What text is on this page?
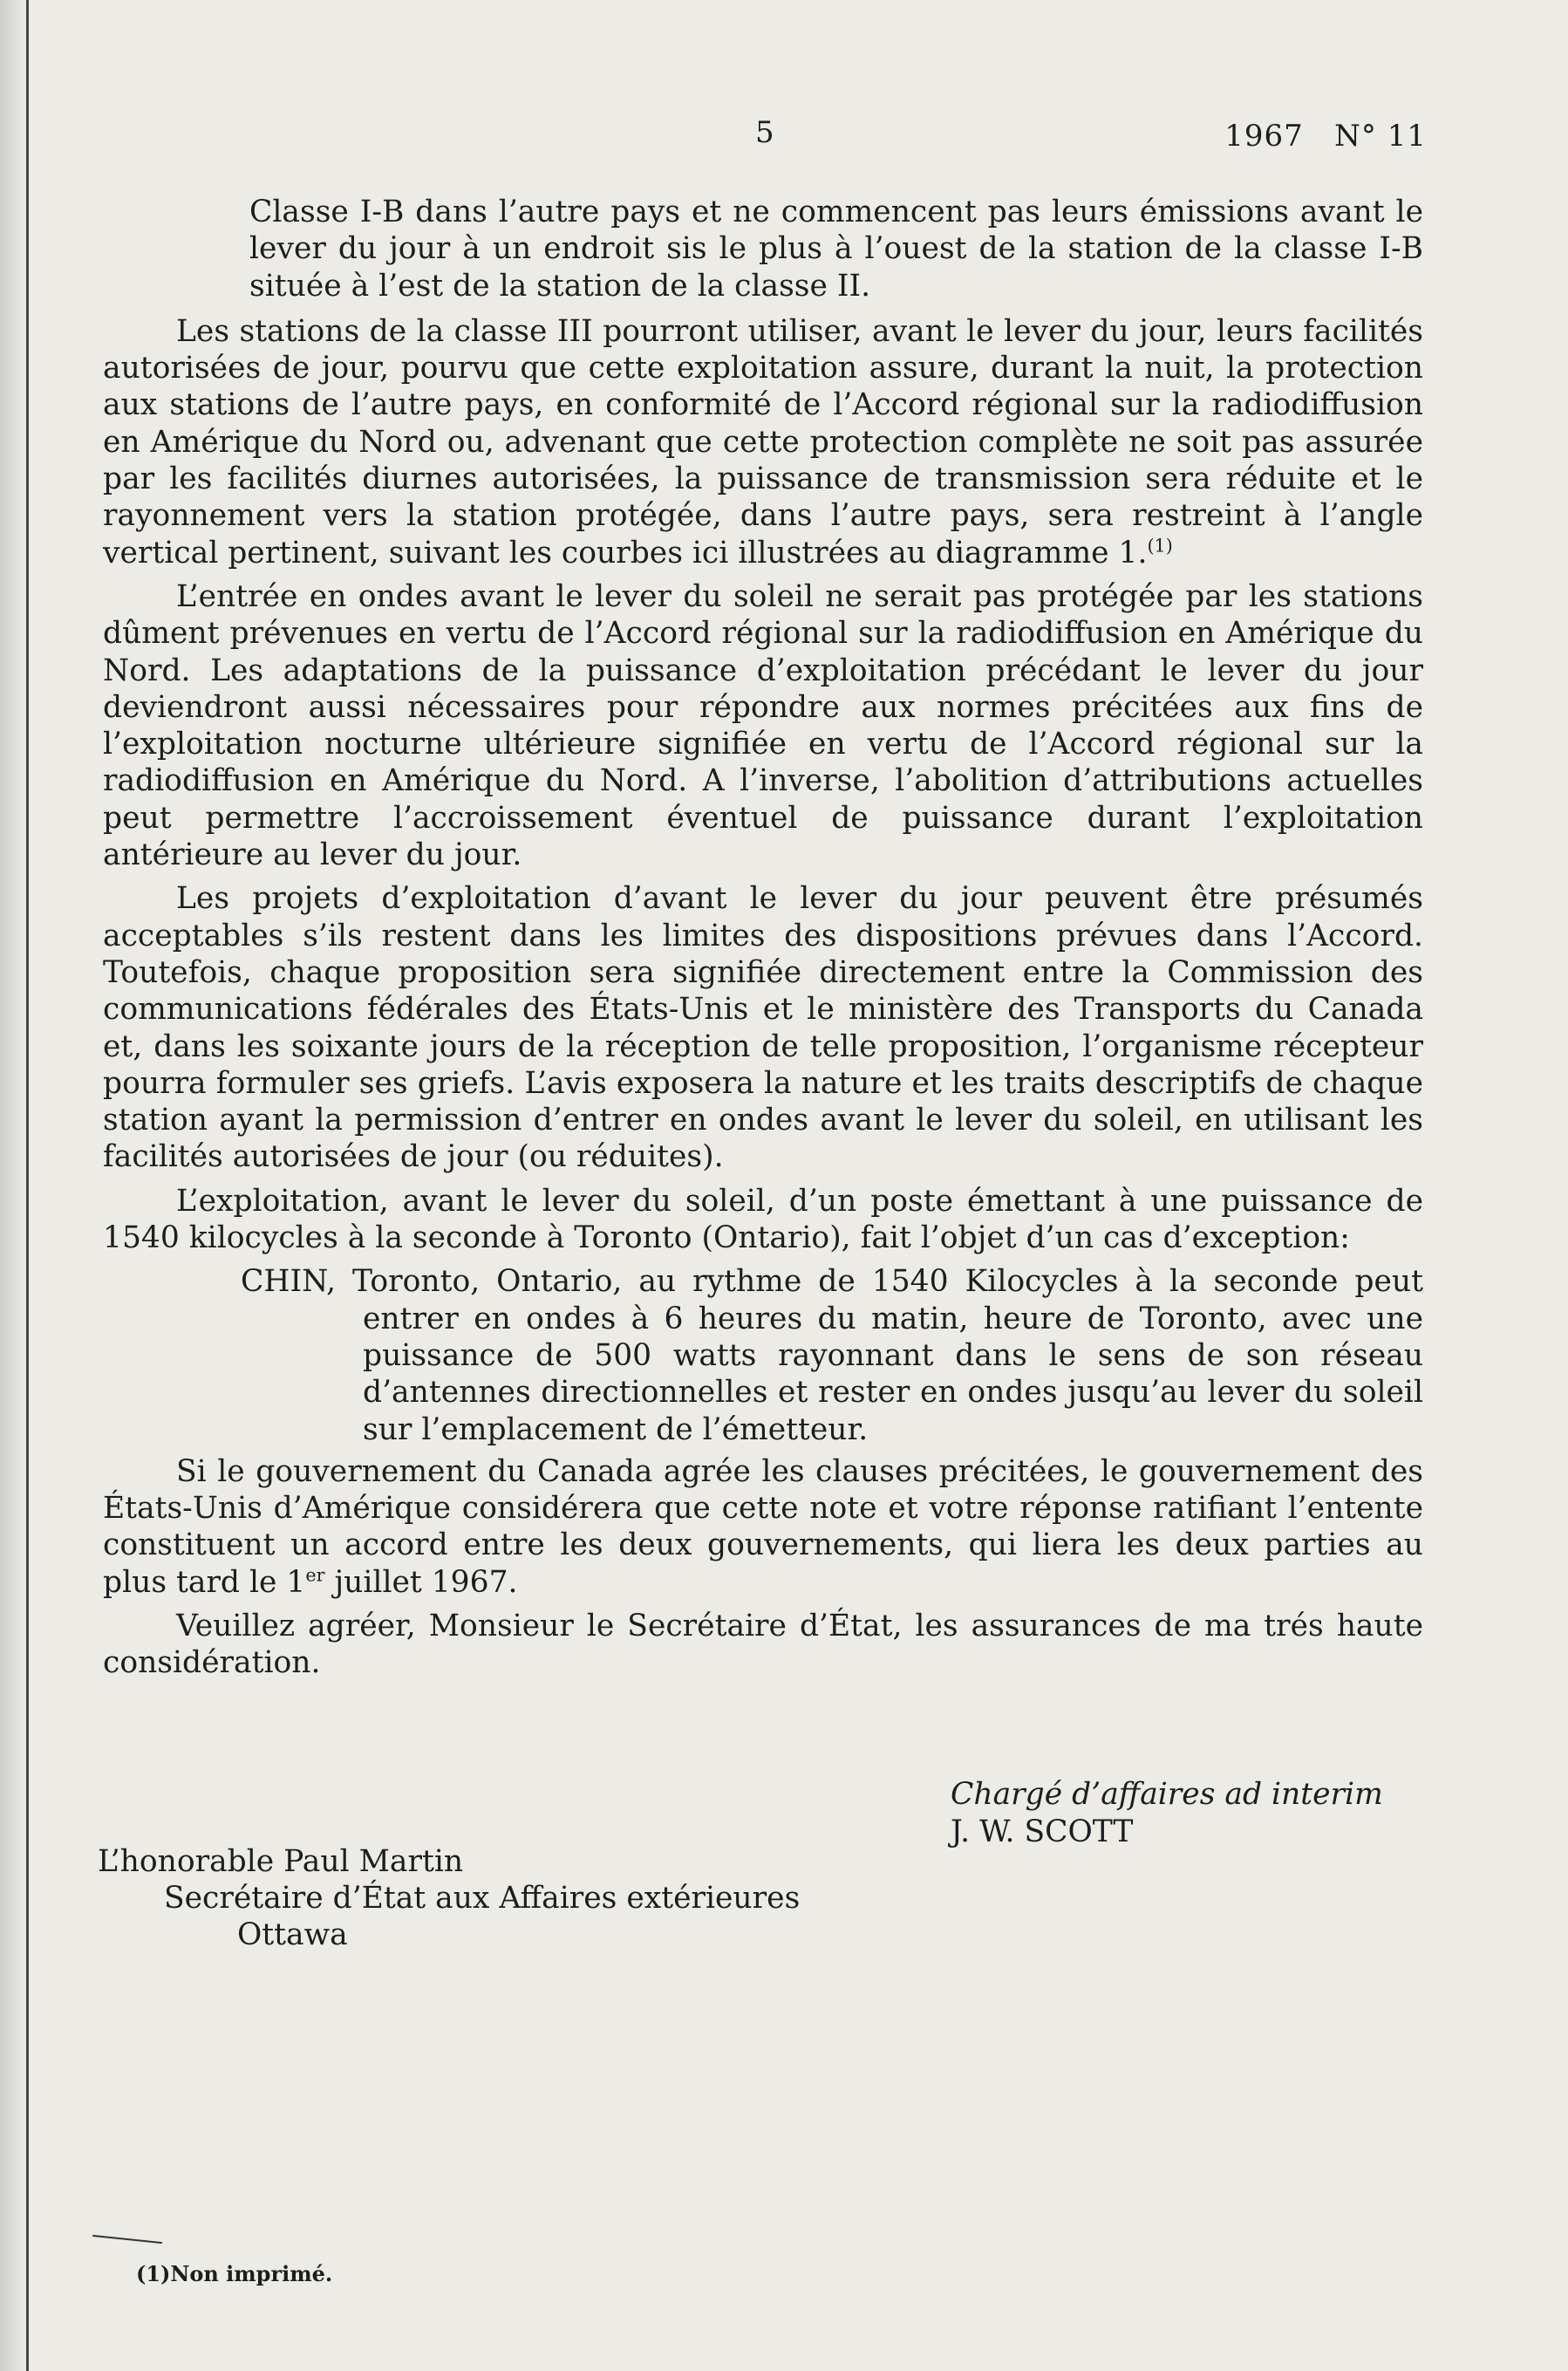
5	1967   N° 11

Classe I-B dans l’autre pays et ne commencent pas leurs émissions avant le lever du jour à un endroit sis le plus à l’ouest de la station de la classe I-B située à l’est de la station de la classe II.

Les stations de la classe III pourront utiliser, avant le lever du jour, leurs facilités autorisées de jour, pourvu que cette exploitation assure, durant la nuit, la protection aux stations de l’autre pays, en conformité de l’Accord régional sur la radiodiffusion en Amérique du Nord ou, advenant que cette protection complète ne soit pas assurée par les facilités diurnes autorisées, la puissance de transmission sera réduite et le rayonnement vers la station protégée, dans l’autre pays, sera restreint à l’angle vertical pertinent, suivant les courbes ici illustrées au diagramme 1.$^{(1)}$

L’entrée en ondes avant le lever du soleil ne serait pas protégée par les stations dûment prévenues en vertu de l’Accord régional sur la radiodiffusion en Amérique du Nord. Les adaptations de la puissance d’exploitation précédant le lever du jour deviendront aussi nécessaires pour répondre aux normes précitées aux fins de l’exploitation nocturne ultérieure signifiée en vertu de l’Accord régional sur la radiodiffusion en Amérique du Nord. A l’inverse, l’abolition d’attributions actuelles peut permettre l’accroissement éventuel de puissance durant l’exploitation antérieure au lever du jour.

Les projets d’exploitation d’avant le lever du jour peuvent être présumés acceptables s’ils restent dans les limites des dispositions prévues dans l’Accord. Toutefois, chaque proposition sera signifiée directement entre la Commission des communications fédérales des États-Unis et le ministère des Transports du Canada et, dans les soixante jours de la réception de telle proposition, l’organisme récepteur pourra formuler ses griefs. L’avis exposera la nature et les traits descriptifs de chaque station ayant la permission d’entrer en ondes avant le lever du soleil, en utilisant les facilités autorisées de jour (ou réduites).

L’exploitation, avant le lever du soleil, d’un poste émettant à une puissance de 1540 kilocycles à la seconde à Toronto (Ontario), fait l’objet d’un cas d’exception:

CHIN, Toronto, Ontario, au rythme de 1540 Kilocycles à la seconde peut entrer en ondes à 6 heures du matin, heure de Toronto, avec une puissance de 500 watts rayonnant dans le sens de son réseau d’antennes directionnelles et rester en ondes jusqu’au lever du soleil sur l’emplacement de l’émetteur.

Si le gouvernement du Canada agrée les clauses précitées, le gouvernement des États-Unis d’Amérique considérera que cette note et votre réponse ratifiant l’entente constituent un accord entre les deux gouvernements, qui liera les deux parties au plus tard le 1er juillet 1967.

Veuillez agréer, Monsieur le Secrétaire d’État, les assurances de ma trés haute considération.

Chargé d’affaires ad interim
J. W. SCOTT
L’honorable Paul Martin
Secrétaire d’État aux Affaires extérieures
Ottawa
(1)Non imprimé.
